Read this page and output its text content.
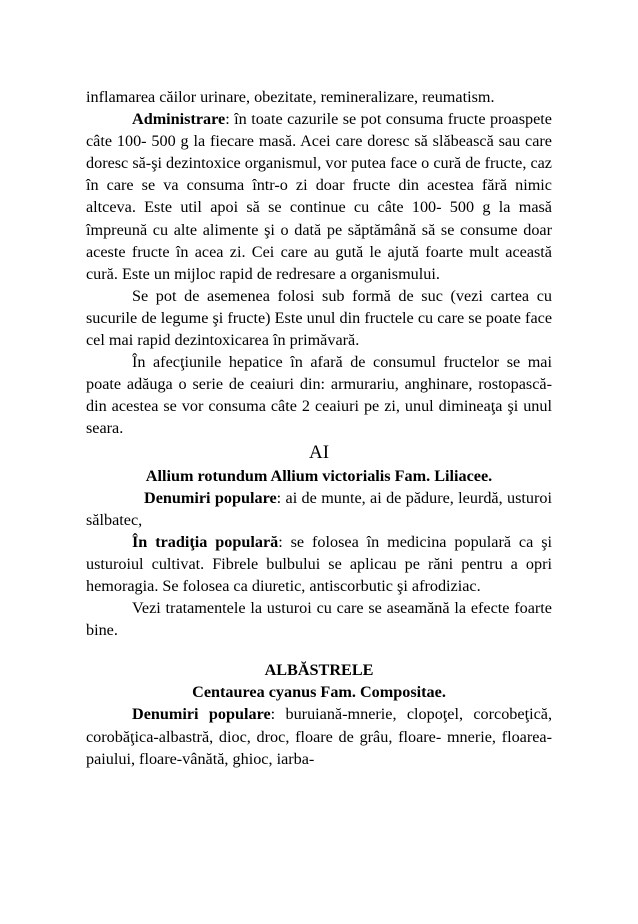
inflamarea căilor urinare, obezitate, remineralizare, reumatism.

Administrare: în toate cazurile se pot consuma fructe proaspete câte 100- 500 g la fiecare masă. Acei care doresc să slăbească sau care doresc să-şi dezintoxice organismul, vor putea face o cură de fructe, caz în care se va consuma într-o zi doar fructe din acestea fără nimic altceva. Este util apoi să se continue cu câte 100- 500 g la masă împreună cu alte alimente şi o dată pe săptămână să se consume doar aceste fructe în acea zi. Cei care au gută le ajută foarte mult această cură. Este un mijloc rapid de redresare a organismului.

Se pot de asemenea folosi sub formă de suc (vezi cartea cu sucurile de legume şi fructe) Este unul din fructele cu care se poate face cel mai rapid dezintoxicarea în primăvară.

În afecţiunile hepatice în afară de consumul fructelor se mai poate adăuga o serie de ceaiuri din: armurariu, anghinare, rostopască- din acestea se vor consuma câte 2 ceaiuri pe zi, unul dimineaţa şi unul seara.

AI

Allium rotundum Allium victorialis Fam. Liliacee.

Denumiri populare: ai de munte, ai de pădure, leurdă, usturoi sălbatec,

În tradiţia populară: se folosea în medicina populară ca şi usturoiul cultivat. Fibrele bulbului se aplicau pe răni pentru a opri hemoragia. Se folosea ca diuretic, antiscorbutic şi afrodiziac.

Vezi tratamentele la usturoi cu care se aseamănă la efecte foarte bine.

ALBĂSTRELE

Centaurea cyanus Fam. Compositae.

Denumiri populare: buruiană-mnerie, clopoţel, corcobeţică, corobăţica-albastră, dioc, droc, floare de grâu, floare- mnerie, floarea-paiului, floare-vânătă, ghioc, iarba-
